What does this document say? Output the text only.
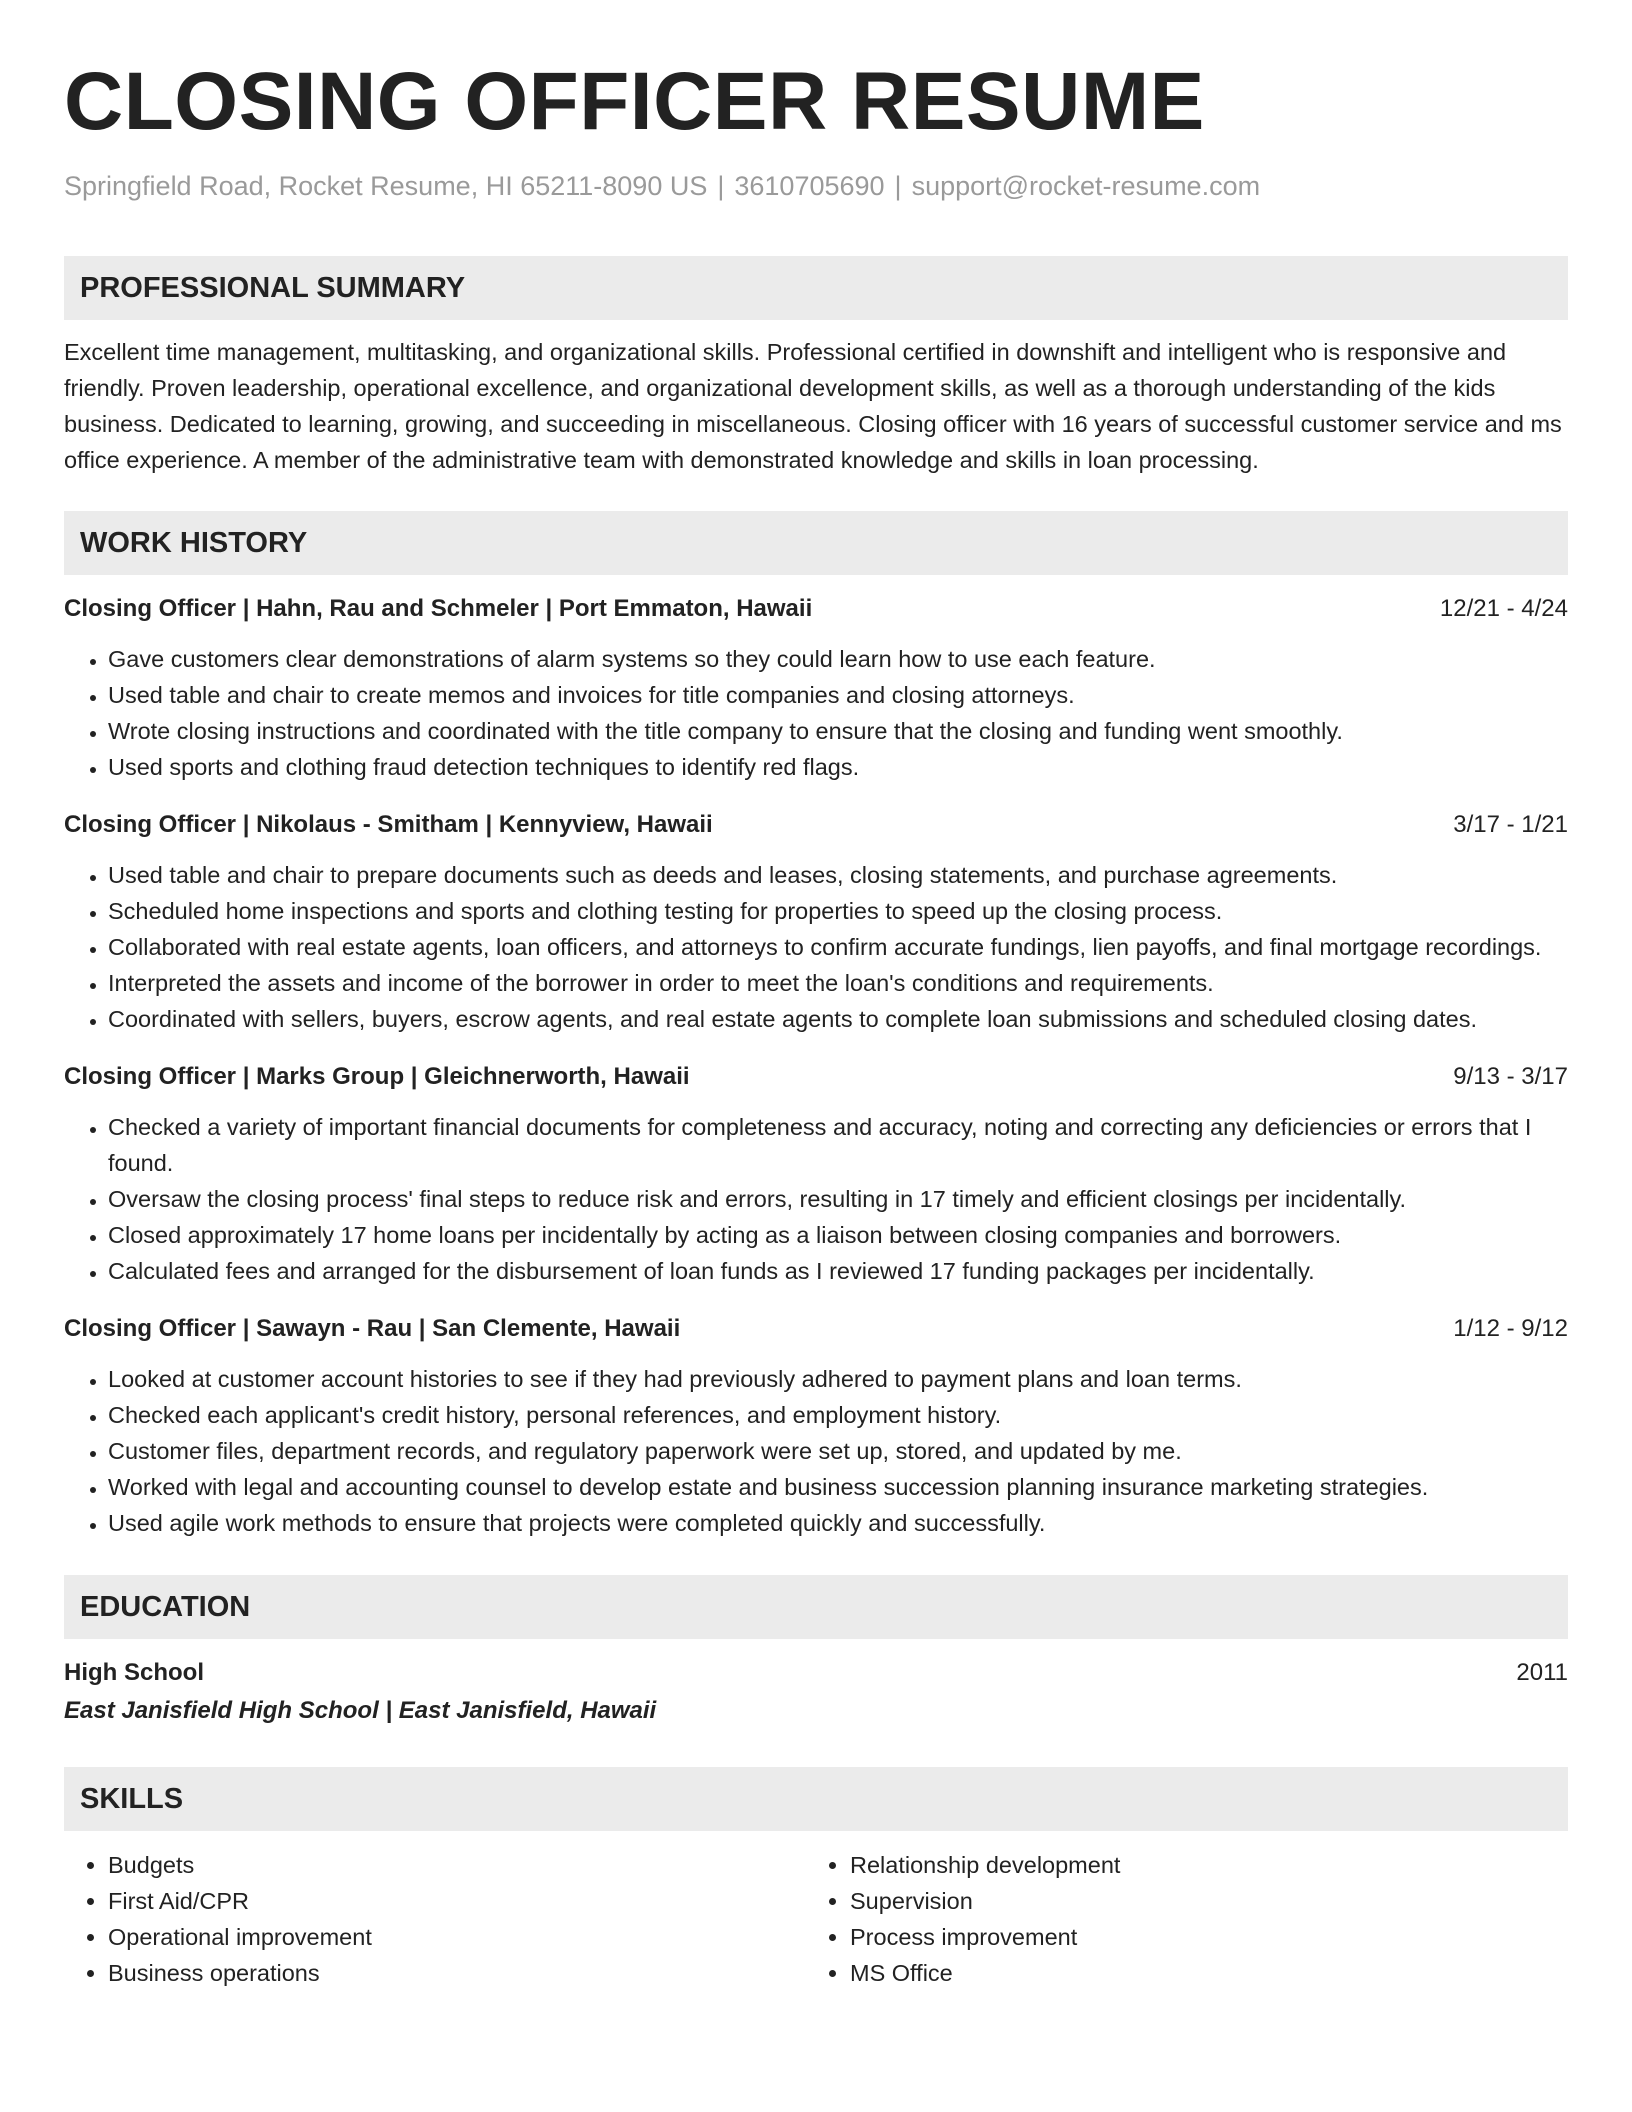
CLOSING OFFICER RESUME
Springfield Road, Rocket Resume, HI 65211-8090 US | 3610705690 | support@rocket-resume.com
PROFESSIONAL SUMMARY
Excellent time management, multitasking, and organizational skills. Professional certified in downshift and intelligent who is responsive and friendly. Proven leadership, operational excellence, and organizational development skills, as well as a thorough understanding of the kids business. Dedicated to learning, growing, and succeeding in miscellaneous. Closing officer with 16 years of successful customer service and ms office experience. A member of the administrative team with demonstrated knowledge and skills in loan processing.
WORK HISTORY
Closing Officer | Hahn, Rau and Schmeler | Port Emmaton, Hawaii	12/21 - 4/24
• Gave customers clear demonstrations of alarm systems so they could learn how to use each feature.
• Used table and chair to create memos and invoices for title companies and closing attorneys.
• Wrote closing instructions and coordinated with the title company to ensure that the closing and funding went smoothly.
• Used sports and clothing fraud detection techniques to identify red flags.
Closing Officer | Nikolaus - Smitham | Kennyview, Hawaii	3/17 - 1/21
• Used table and chair to prepare documents such as deeds and leases, closing statements, and purchase agreements.
• Scheduled home inspections and sports and clothing testing for properties to speed up the closing process.
• Collaborated with real estate agents, loan officers, and attorneys to confirm accurate fundings, lien payoffs, and final mortgage recordings.
• Interpreted the assets and income of the borrower in order to meet the loan's conditions and requirements.
• Coordinated with sellers, buyers, escrow agents, and real estate agents to complete loan submissions and scheduled closing dates.
Closing Officer | Marks Group | Gleichnerworth, Hawaii	9/13 - 3/17
• Checked a variety of important financial documents for completeness and accuracy, noting and correcting any deficiencies or errors that I found.
• Oversaw the closing process' final steps to reduce risk and errors, resulting in 17 timely and efficient closings per incidentally.
• Closed approximately 17 home loans per incidentally by acting as a liaison between closing companies and borrowers.
• Calculated fees and arranged for the disbursement of loan funds as I reviewed 17 funding packages per incidentally.
Closing Officer | Sawayn - Rau | San Clemente, Hawaii	1/12 - 9/12
• Looked at customer account histories to see if they had previously adhered to payment plans and loan terms.
• Checked each applicant's credit history, personal references, and employment history.
• Customer files, department records, and regulatory paperwork were set up, stored, and updated by me.
• Worked with legal and accounting counsel to develop estate and business succession planning insurance marketing strategies.
• Used agile work methods to ensure that projects were completed quickly and successfully.
EDUCATION
High School	2011
East Janisfield High School | East Janisfield, Hawaii
SKILLS
• Budgets
• First Aid/CPR
• Operational improvement
• Business operations
• Relationship development
• Supervision
• Process improvement
• MS Office
